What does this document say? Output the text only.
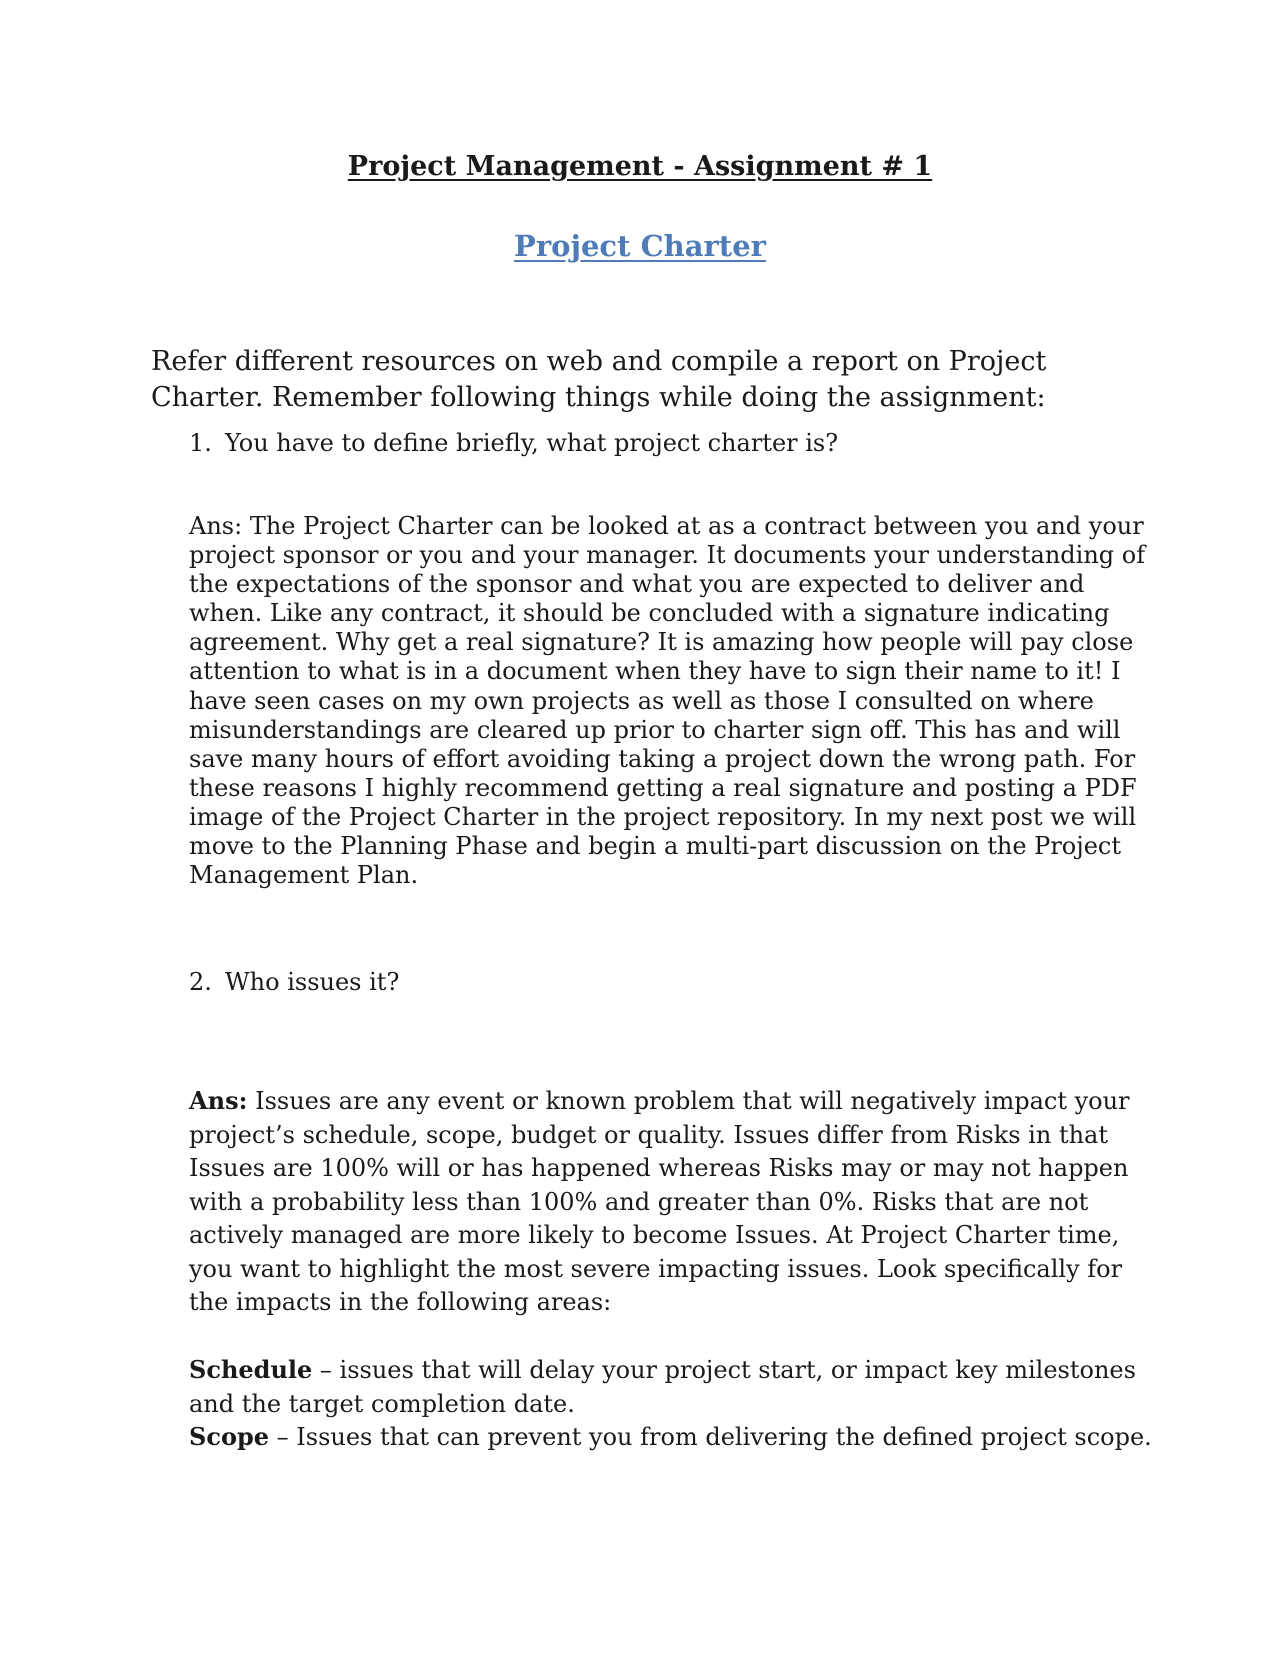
Project Management - Assignment # 1
Project Charter

Refer different resources on web and compile a report on Project Charter. Remember following things while doing the assignment:

1. You have to define briefly, what project charter is?

Ans: The Project Charter can be looked at as a contract between you and your project sponsor or you and your manager. It documents your understanding of the expectations of the sponsor and what you are expected to deliver and when. Like any contract, it should be concluded with a signature indicating agreement. Why get a real signature? It is amazing how people will pay close attention to what is in a document when they have to sign their name to it! I have seen cases on my own projects as well as those I consulted on where misunderstandings are cleared up prior to charter sign off. This has and will save many hours of effort avoiding taking a project down the wrong path. For these reasons I highly recommend getting a real signature and posting a PDF image of the Project Charter in the project repository. In my next post we will move to the Planning Phase and begin a multi-part discussion on the Project Management Plan.

2. Who issues it?

Ans: Issues are any event or known problem that will negatively impact your project’s schedule, scope, budget or quality. Issues differ from Risks in that Issues are 100% will or has happened whereas Risks may or may not happen with a probability less than 100% and greater than 0%. Risks that are not actively managed are more likely to become Issues. At Project Charter time, you want to highlight the most severe impacting issues. Look specifically for the impacts in the following areas:

Schedule – issues that will delay your project start, or impact key milestones and the target completion date.

Scope – Issues that can prevent you from delivering the defined project scope.
